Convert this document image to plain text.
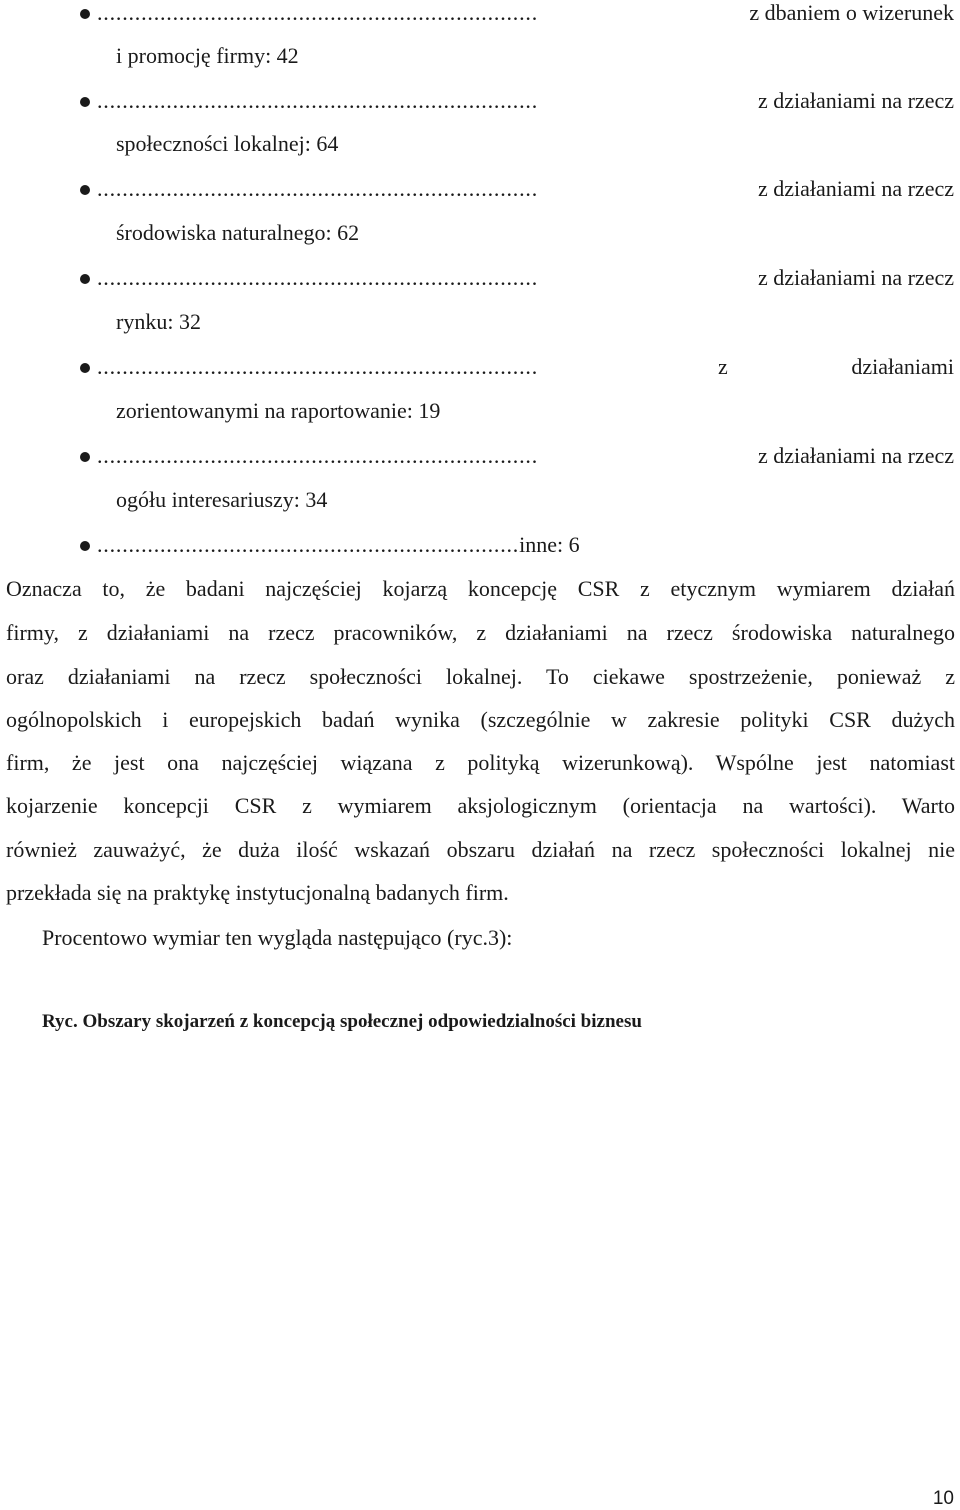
......................................................................	z dbaniem o wizerunek
i promocję firmy: 42
......................................................................	z działaniami na rzecz
społeczności lokalnej: 64
......................................................................	z działaniami na rzecz
środowiska naturalnego: 62
......................................................................	z działaniami na rzecz
rynku: 32
......................................................................	z	działaniami
zorientowanymi na raportowanie: 19
......................................................................	z działaniami na rzecz
ogółu interesariuszy: 34
...................................................................inne: 6
Oznacza to, że badani najczęściej kojarzą koncepcję CSR z etycznym wymiarem działań
firmy, z działaniami na rzecz pracowników, z działaniami na rzecz środowiska naturalnego
oraz działaniami na rzecz społeczności lokalnej. To ciekawe spostrzeżenie, ponieważ z
ogólnopolskich i europejskich badań wynika (szczególnie w zakresie polityki CSR dużych
firm, że jest ona najczęściej wiązana z polityką wizerunkową). Wspólne jest natomiast
kojarzenie koncepcji CSR z wymiarem aksjologicznym (orientacja na wartości). Warto
również zauważyć, że duża ilość wskazań obszaru działań na rzecz społeczności lokalnej nie
przekłada się na praktykę instytucjonalną badanych firm.
Procentowo wymiar ten wygląda następująco (ryc.3):
Ryc. Obszary skojarzeń z koncepcją społecznej odpowiedzialności biznesu
10
